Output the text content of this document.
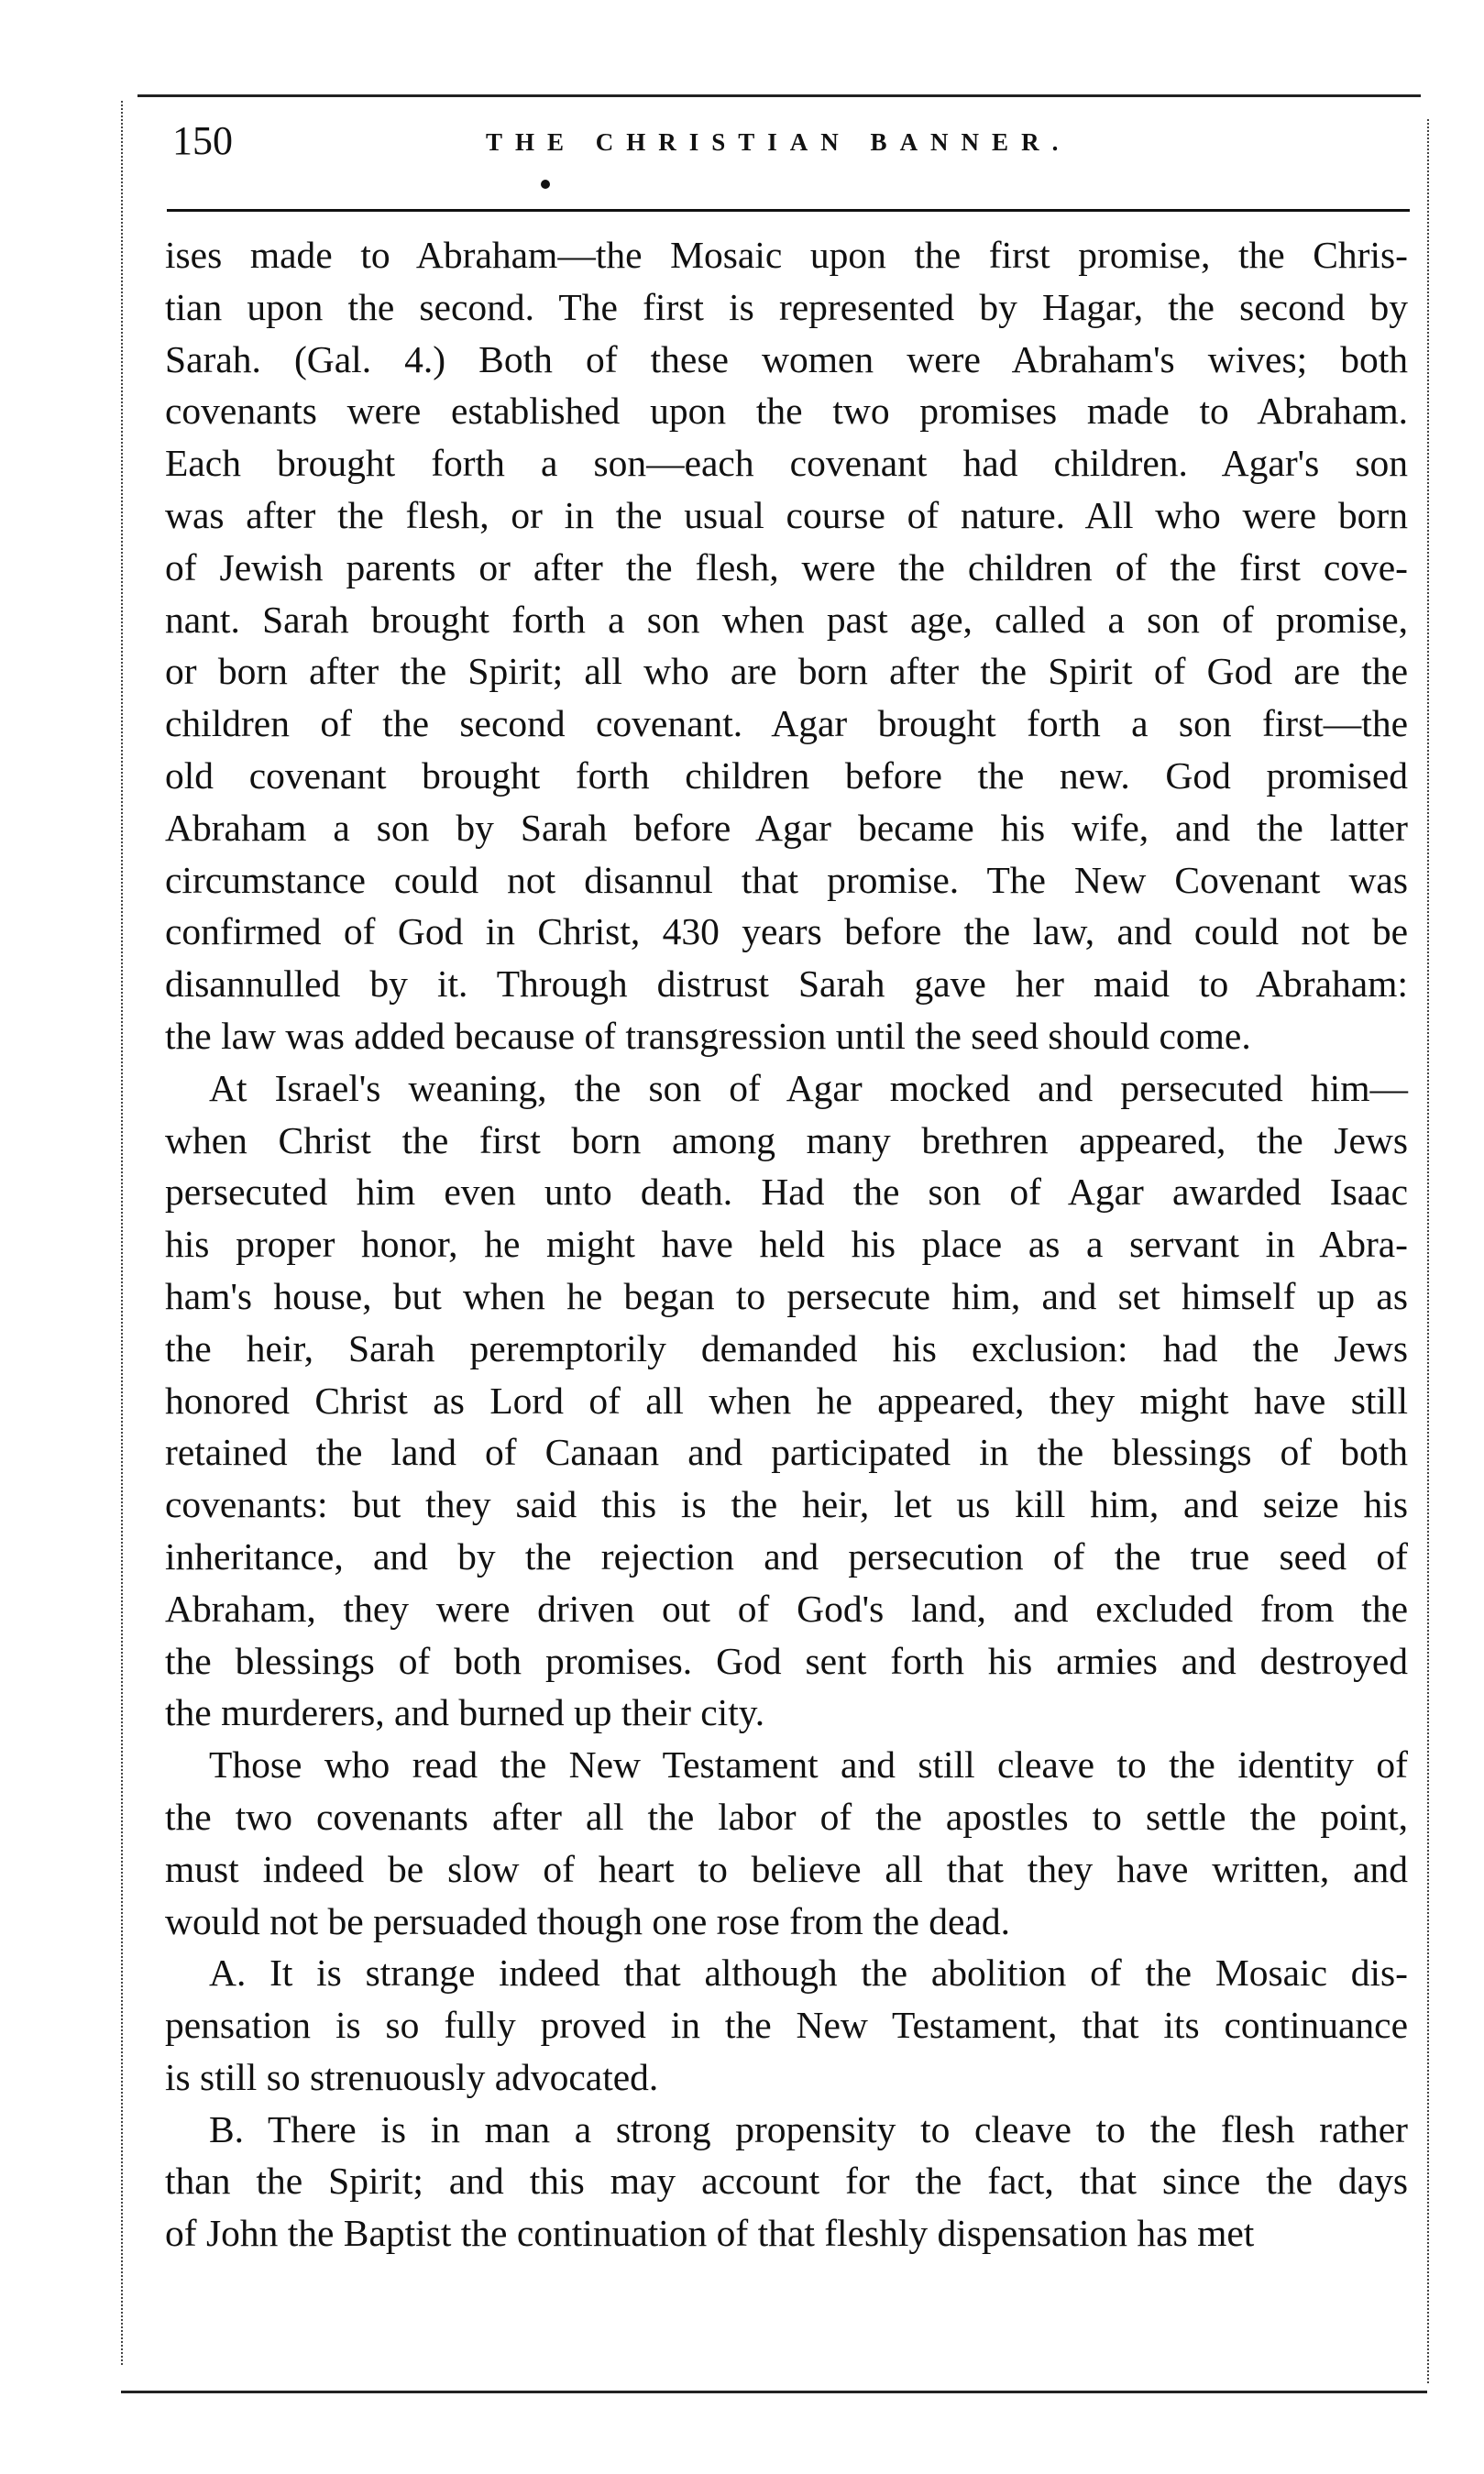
150	THE CHRISTIAN BANNER.

ises made to Abraham—the Mosaic upon the first promise, the Chris-
tian upon the second. The first is represented by Hagar, the second by
Sarah. (Gal. 4.) Both of these women were Abraham's wives; both
covenants were established upon the two promises made to Abraham.
Each brought forth a son—each covenant had children. Agar's son
was after the flesh, or in the usual course of nature. All who were born
of Jewish parents or after the flesh, were the children of the first cove-
nant. Sarah brought forth a son when past age, called a son of promise,
or born after the Spirit; all who are born after the Spirit of God are the
children of the second covenant. Agar brought forth a son first—the
old covenant brought forth children before the new. God promised
Abraham a son by Sarah before Agar became his wife, and the latter
circumstance could not disannul that promise. The New Covenant was
confirmed of God in Christ, 430 years before the law, and could not be
disannulled by it. Through distrust Sarah gave her maid to Abraham:
the law was added because of transgression until the seed should come.

At Israel's weaning, the son of Agar mocked and persecuted him—
when Christ the first born among many brethren appeared, the Jews
persecuted him even unto death. Had the son of Agar awarded Isaac
his proper honor, he might have held his place as a servant in Abra-
ham's house, but when he began to persecute him, and set himself up as
the heir, Sarah peremptorily demanded his exclusion: had the Jews
honored Christ as Lord of all when he appeared, they might have still
retained the land of Canaan and participated in the blessings of both
covenants: but they said this is the heir, let us kill him, and seize his
inheritance, and by the rejection and persecution of the true seed of
Abraham, they were driven out of God's land, and excluded from the
the blessings of both promises. God sent forth his armies and destroyed
the murderers, and burned up their city.

Those who read the New Testament and still cleave to the identity of
the two covenants after all the labor of the apostles to settle the point,
must indeed be slow of heart to believe all that they have written, and
would not be persuaded though one rose from the dead.

A. It is strange indeed that although the abolition of the Mosaic dis-
pensation is so fully proved in the New Testament, that its continuance
is still so strenuously advocated.

B. There is in man a strong propensity to cleave to the flesh rather
than the Spirit; and this may account for the fact, that since the days
of John the Baptist the continuation of that fleshly dispensation has met
